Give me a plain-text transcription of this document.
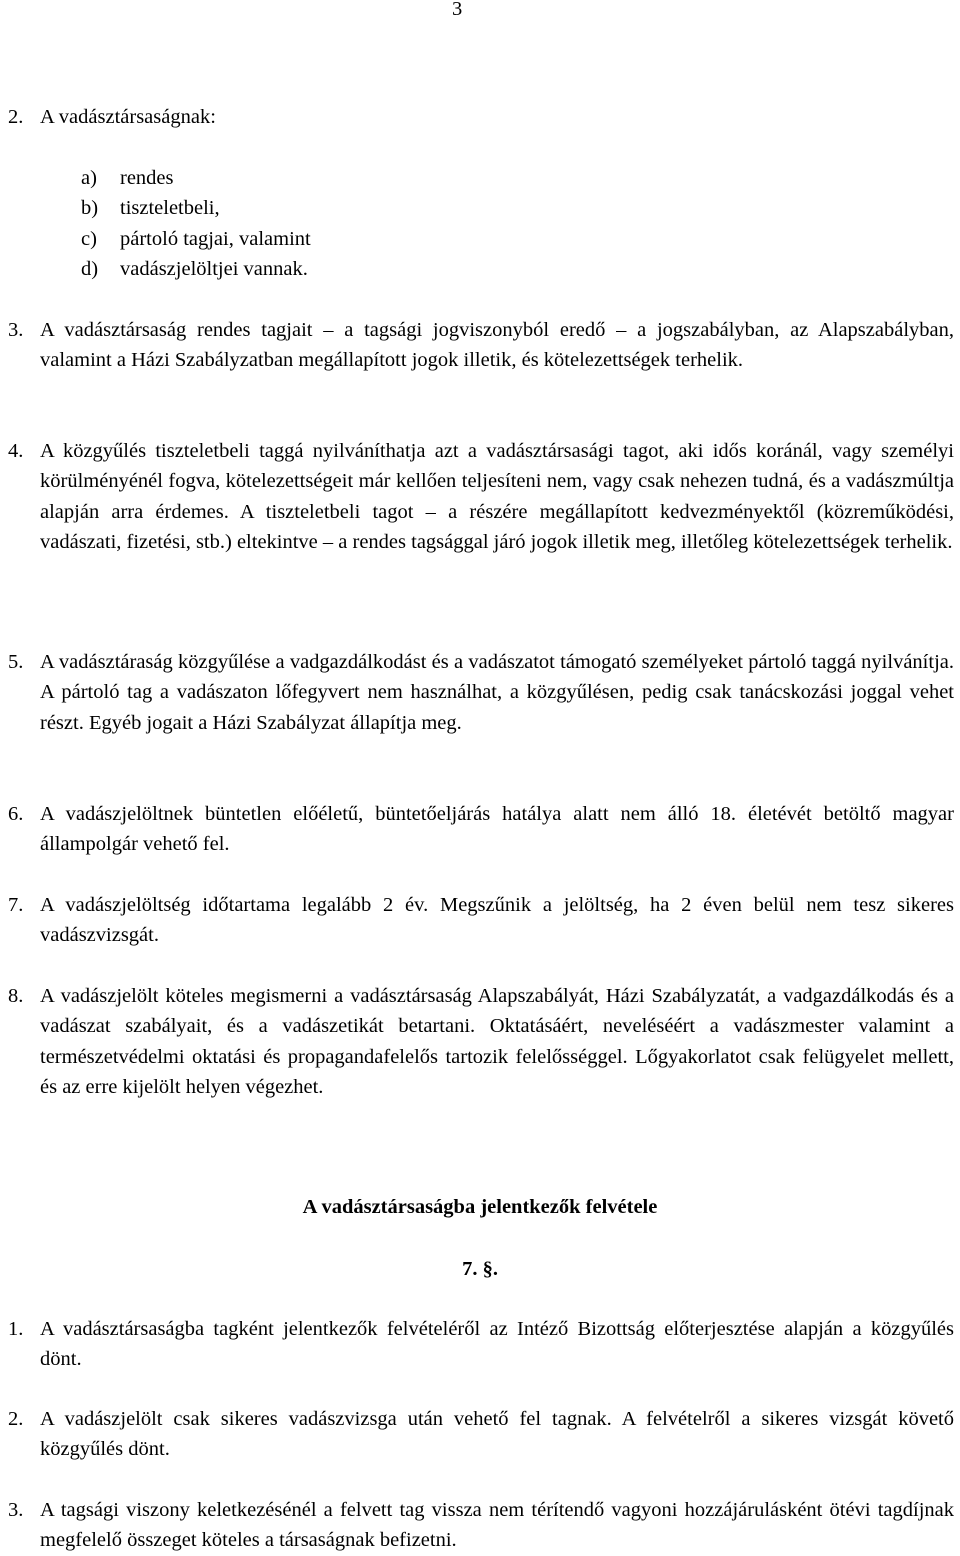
3
2. A vadásztársaságnak:
a) rendes
b) tiszteletbeli,
c) pártoló tagjai, valamint
d) vadászjelöltjei vannak.
3. A vadásztársaság rendes tagjait – a tagsági jogviszonyból eredő – a jogszabályban, az Alapszabályban, valamint a Házi Szabályzatban megállapított jogok illetik, és kötelezettségek terhelik.
4. A közgyűlés tiszteletbeli taggá nyilváníthatja azt a vadásztársasági tagot, aki idős koránál, vagy személyi körülményénél fogva, kötelezettségeit már kellően teljesíteni nem, vagy csak nehezen tudná, és a vadászmúltja alapján arra érdemes. A tiszteletbeli tagot – a részére megállapított kedvezményektől (közreműködési, vadászati, fizetési, stb.) eltekintve – a rendes tagsággal járó jogok illetik meg, illetőleg kötelezettségek terhelik.
5. A vadásztáraság közgyűlése a vadgazdálkodást és a vadászatot támogató személyeket pártoló taggá nyilvánítja. A pártoló tag a vadászaton lőfegyvert nem használhat, a közgyűlésen, pedig csak tanácskozási joggal vehet részt. Egyéb jogait a Házi Szabályzat állapítja meg.
6. A vadászjelöltnek büntetlen előéletű, büntetőeljárás hatálya alatt nem álló 18. életévét betöltő magyar állampolgár vehető fel.
7. A vadászjelöltség időtartama legalább 2 év. Megszűnik a jelöltség, ha 2 éven belül nem tesz sikeres vadászvizsgát.
8. A vadászjelölt köteles megismerni a vadásztársaság Alapszabályát, Házi Szabályzatát, a vadgazdálkodás és a vadászat szabályait, és a vadászetikát betartani. Oktatásáért, neveléséért a vadászmester valamint a természetvédelmi oktatási és propagandafelelős tartozik felelősséggel. Lőgyakorlatot csak felügyelet mellett, és az erre kijelölt helyen végezhet.
A vadásztársaságba jelentkezők felvétele
7. §.
1. A vadásztársaságba tagként jelentkezők felvételéről az Intéző Bizottság előterjesztése alapján a közgyűlés dönt.
2. A vadászjelölt csak sikeres vadászvizsga után vehető fel tagnak. A felvételről a sikeres vizsgát követő közgyűlés dönt.
3. A tagsági viszony keletkezésénél a felvett tag vissza nem térítendő vagyoni hozzájárulásként ötévi tagdíjnak megfelelő összeget köteles a társaságnak befizetni.
